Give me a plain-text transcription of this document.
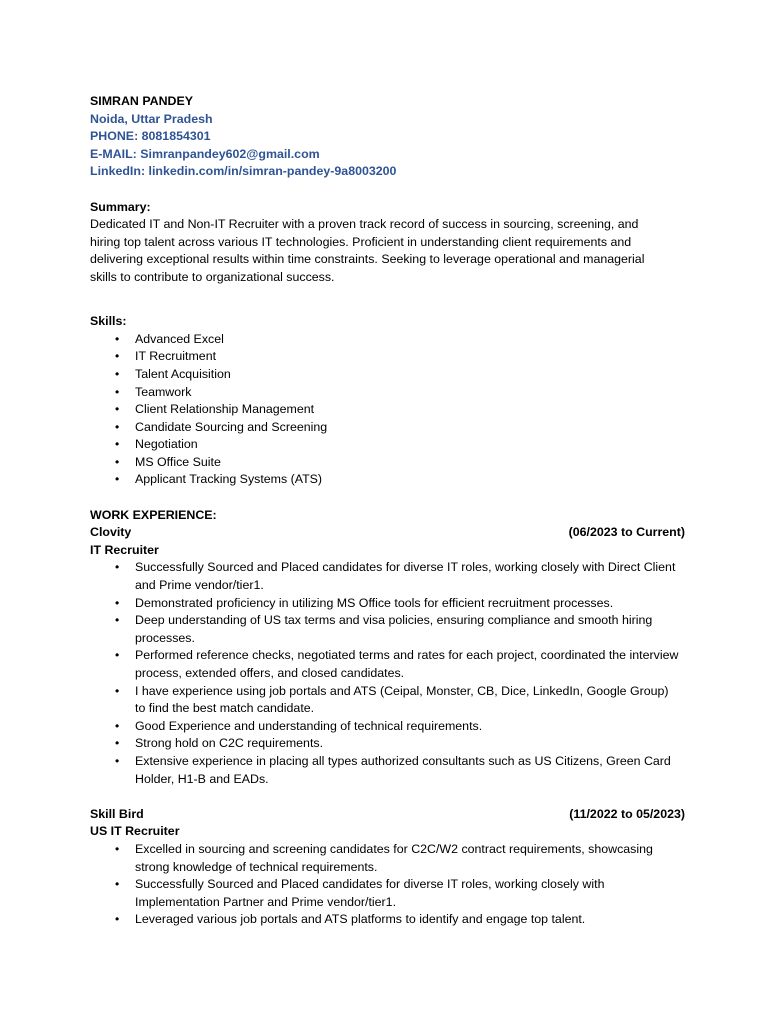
SIMRAN PANDEY
Noida, Uttar Pradesh
PHONE: 8081854301
E-MAIL: Simranpandey602@gmail.com
LinkedIn: linkedin.com/in/simran-pandey-9a8003200
Summary:
Dedicated IT and Non-IT Recruiter with a proven track record of success in sourcing, screening, and hiring top talent across various IT technologies. Proficient in understanding client requirements and delivering exceptional results within time constraints. Seeking to leverage operational and managerial skills to contribute to organizational success.
Skills:
• Advanced Excel
• IT Recruitment
• Talent Acquisition
• Teamwork
• Client Relationship Management
• Candidate Sourcing and Screening
• Negotiation
• MS Office Suite
• Applicant Tracking Systems (ATS)
WORK EXPERIENCE:
Clovity	(06/2023 to Current)
IT Recruiter
• Successfully Sourced and Placed candidates for diverse IT roles, working closely with Direct Client and Prime vendor/tier1.
• Demonstrated proficiency in utilizing MS Office tools for efficient recruitment processes.
• Deep understanding of US tax terms and visa policies, ensuring compliance and smooth hiring processes.
• Performed reference checks, negotiated terms and rates for each project, coordinated the interview process, extended offers, and closed candidates.
• I have experience using job portals and ATS (Ceipal, Monster, CB, Dice, LinkedIn, Google Group) to find the best match candidate.
• Good Experience and understanding of technical requirements.
• Strong hold on C2C requirements.
• Extensive experience in placing all types authorized consultants such as US Citizens, Green Card Holder, H1-B and EADs.
Skill Bird	(11/2022 to 05/2023)
US IT Recruiter
• Excelled in sourcing and screening candidates for C2C/W2 contract requirements, showcasing strong knowledge of technical requirements.
• Successfully Sourced and Placed candidates for diverse IT roles, working closely with Implementation Partner and Prime vendor/tier1.
• Leveraged various job portals and ATS platforms to identify and engage top talent.
